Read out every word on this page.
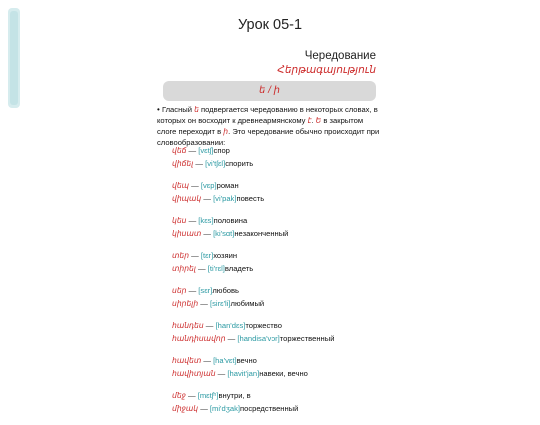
Урок 05-1
Чередование
Հերթագայություն
ե / ի
• Гласный ե подвергается чередованию в некоторых словах, в которых он восходит к древнеармянскому է. Ե в закрытом слоге переходит в ի. Это чередование обычно происходит при словообразовании:
վեճ — [vɛtʃ]спор
վիճել — [vi'tʃɛl]спорить
վեպ — [vɛp]роман
վիպակ — [vi'pak]повесть
կես — [kɛs]половина
կիսատ — [ki'sɑt]незаконченный
տեր — [tɛr]хозяин
տիրել — [ti'rɛl]владеть
սեր — [sɛr]любовь
սիրելի — [sirɛ'li]любимый
հանդես — [han'dɛs]торжество
հանդիսավոր — [handisa'vɔr]торжественный
հավետ — [ha'vɛt]вечно
հավիտյան — [havit'jan]навеки, вечно
մեջ — [mɛtʃʰ]внутри, в
միջակ — [mi'dʒak]посредственный
